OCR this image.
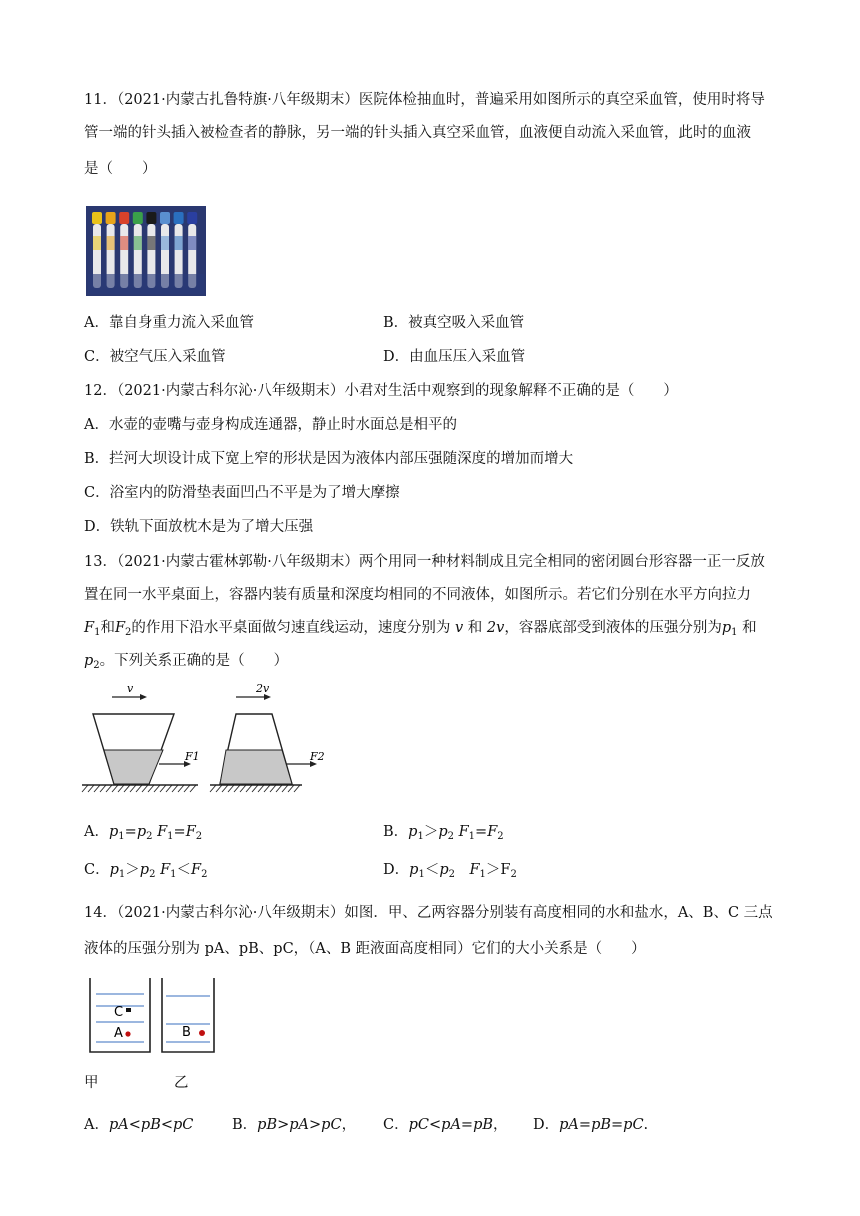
11．（2021·内蒙古扎鲁特旗·八年级期末）医院体检抽血时，普遍采用如图所示的真空采血管，使用时将导
管一端的针头插入被检查者的静脉，另一端的针头插入真空采血管，血液便自动流入采血管，此时的血液
是（　　）
A．靠自身重力流入采血管	B．被真空吸入采血管
C．被空气压入采血管	D．由血压压入采血管
12．（2021·内蒙古科尔沁·八年级期末）小君对生活中观察到的现象解释不正确的是（　　）
A．水壶的壶嘴与壶身构成连通器，静止时水面总是相平的
B．拦河大坝设计成下宽上窄的形状是因为液体内部压强随深度的增加而增大
C．浴室内的防滑垫表面凹凸不平是为了增大摩擦
D．铁轨下面放枕木是为了增大压强
13．（2021·内蒙古霍林郭勒·八年级期末）两个用同一种材料制成且完全相同的密闭圆台形容器一正一反放
置在同一水平桌面上，容器内装有质量和深度均相同的不同液体，如图所示。若它们分别在水平方向拉力
$F_1$和$F_2$的作用下沿水平桌面做匀速直线运动，速度分别为 v 和 2v，容器底部受到液体的压强分别为$p_1$ 和
$p_2$。下列关系正确的是（　　）
v
F1
2v
F2
A．$p_1=p_2$ $F_1=F_2$	B．$p_1>p_2$ $F_1=F_2$
C．$p_1>p_2$ $F_1<F_2$	D．$p_1<p_2$　 $F_1>F_2$
14．（2021·内蒙古科尔沁·八年级期末）如图．甲、乙两容器分别装有高度相同的水和盐水，A、B、C 三点
液体的压强分别为 pA、pB、pC，（A、B 距液面高度相同）它们的大小关系是（　　）
C
A	B
甲	乙
A．pA<pB<pC	B．pB>pA>pC， C．pC<pA=pB， D．pA=pB=pC.
